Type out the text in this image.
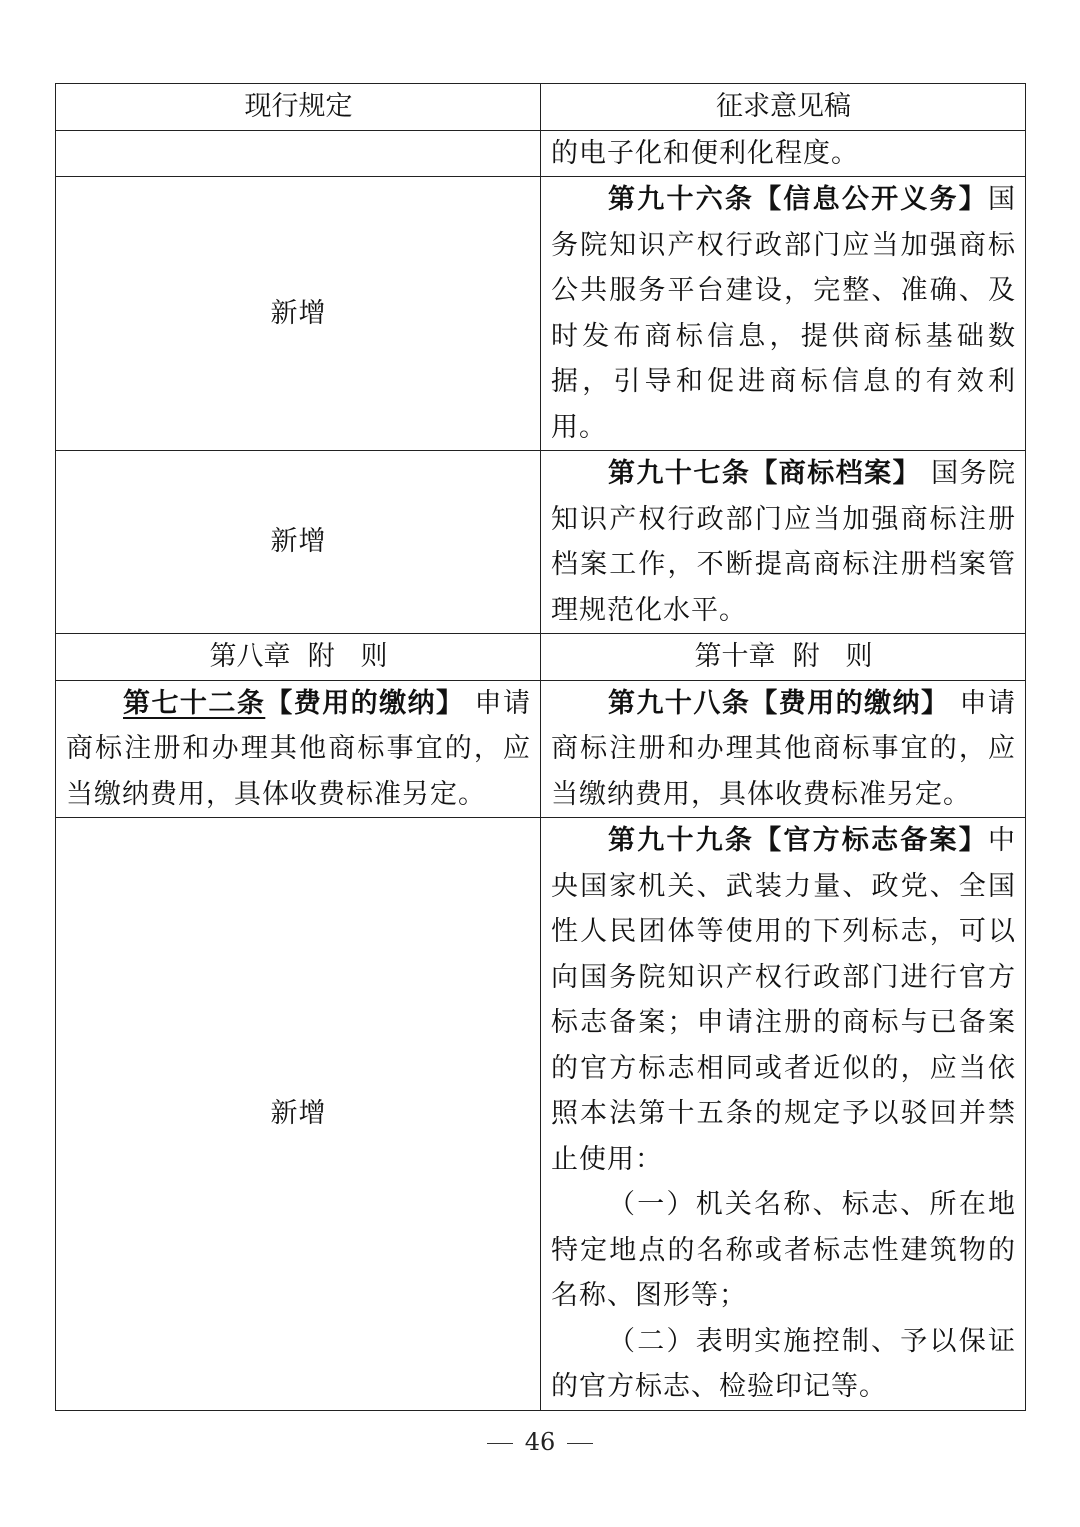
现行规定	征求意见稿
	的电子化和便利化程度。
新增	第九十六条【信息公开义务】国务院知识产权行政部门应当加强商标公共服务平台建设，完整、准确、及时发布商标信息，提供商标基础数据，引导和促进商标信息的有效利用。
新增	第九十七条【商标档案】 国务院知识产权行政部门应当加强商标注册档案工作，不断提高商标注册档案管理规范化水平。
第八章  附   则	第十章  附   则
第七十二条【费用的缴纳】 申请商标注册和办理其他商标事宜的，应当缴纳费用，具体收费标准另定。	第九十八条【费用的缴纳】 申请商标注册和办理其他商标事宜的，应当缴纳费用，具体收费标准另定。
新增	第九十九条【官方标志备案】中央国家机关、武装力量、政党、全国性人民团体等使用的下列标志，可以向国务院知识产权行政部门进行官方标志备案；申请注册的商标与已备案的官方标志相同或者近似的，应当依照本法第十五条的规定予以驳回并禁止使用：
（一）机关名称、标志、所在地特定地点的名称或者标志性建筑物的名称、图形等；
（二）表明实施控制、予以保证的官方标志、检验印记等。
46
